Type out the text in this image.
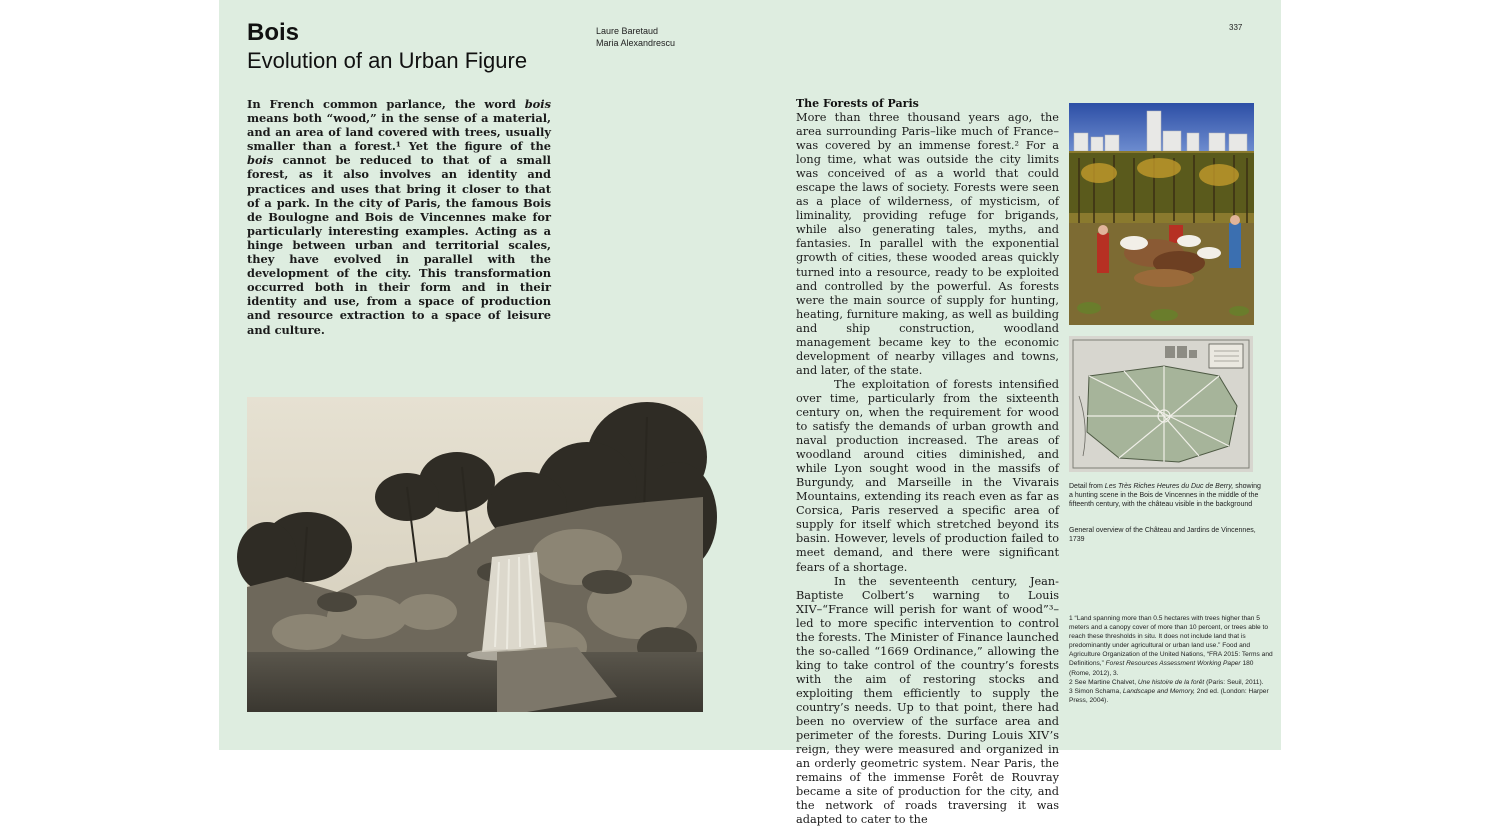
Bois
Evolution of an Urban Figure
Laure Baretaud
Maria Alexandrescu
337

In French common parlance, the word bois means both “wood,” in the sense of a material, and an area of land covered with trees, usually smaller than a forest.¹ Yet the figure of the bois cannot be reduced to that of a small forest, as it also involves an identity and practices and uses that bring it closer to that of a park. In the city of Paris, the famous Bois de Boulogne and Bois de Vincennes make for particularly interesting examples. Acting as a hinge between urban and territorial scales, they have evolved in parallel with the development of the city. This transformation occurred both in their form and in their identity and use, from a space of production and resource extraction to a space of leisure and culture.

The Forests of Paris

More than three thousand years ago, the area surrounding Paris–like much of France–was covered by an immense forest.² For a long time, what was outside the city limits was conceived of as a world that could escape the laws of society. Forests were seen as a place of wilderness, of mysticism, of liminality, providing refuge for brigands, while also generating tales, myths, and fantasies. In parallel with the exponential growth of cities, these wooded areas quickly turned into a resource, ready to be exploited and controlled by the powerful. As forests were the main source of supply for hunting, heating, furniture making, as well as building and ship construction, woodland management became key to the economic development of nearby villages and towns, and later, of the state.

The exploitation of forests intensified over time, particularly from the sixteenth century on, when the requirement for wood to satisfy the demands of urban growth and naval production increased. The areas of woodland around cities diminished, and while Lyon sought wood in the massifs of Burgundy, and Marseille in the Vivarais Mountains, extending its reach even as far as Corsica, Paris reserved a specific area of supply for itself which stretched beyond its basin. However, levels of production failed to meet demand, and there were significant fears of a shortage.

In the seventeenth century, Jean-Baptiste Colbert’s warning to Louis XIV–“France will perish for want of wood”³–led to more specific intervention to control the forests. The Minister of Finance launched the so-called “1669 Ordinance,” allowing the king to take control of the country’s forests with the aim of restoring stocks and exploiting them efficiently to supply the country’s needs. Up to that point, there had been no overview of the surface area and perimeter of the forests. During Louis XIV’s reign, they were measured and organized in an orderly geometric system. Near Paris, the remains of the immense Forêt de Rouvray became a site of production for the city, and the network of roads traversing it was adapted to cater to the

Detail from Les Très Riches Heures du Duc de Berry, showing a hunting scene in the Bois de Vincennes in the middle of the fifteenth century, with the château visible in the background
General overview of the Château and Jardins de Vincennes, 1739

1 “Land spanning more than 0.5 hectares with trees higher than 5 meters and a canopy cover of more than 10 percent, or trees able to reach these thresholds in situ. It does not include land that is predominantly under agricultural or urban land use.” Food and Agriculture Organization of the United Nations, “FRA 2015: Terms and Definitions,” Forest Resources Assessment Working Paper 180 (Rome, 2012), 3.

2 See Martine Chalvet, Une histoire de la forêt (Paris: Seuil, 2011).

3 Simon Schama, Landscape and Memory, 2nd ed. (London: Harper Press, 2004).
